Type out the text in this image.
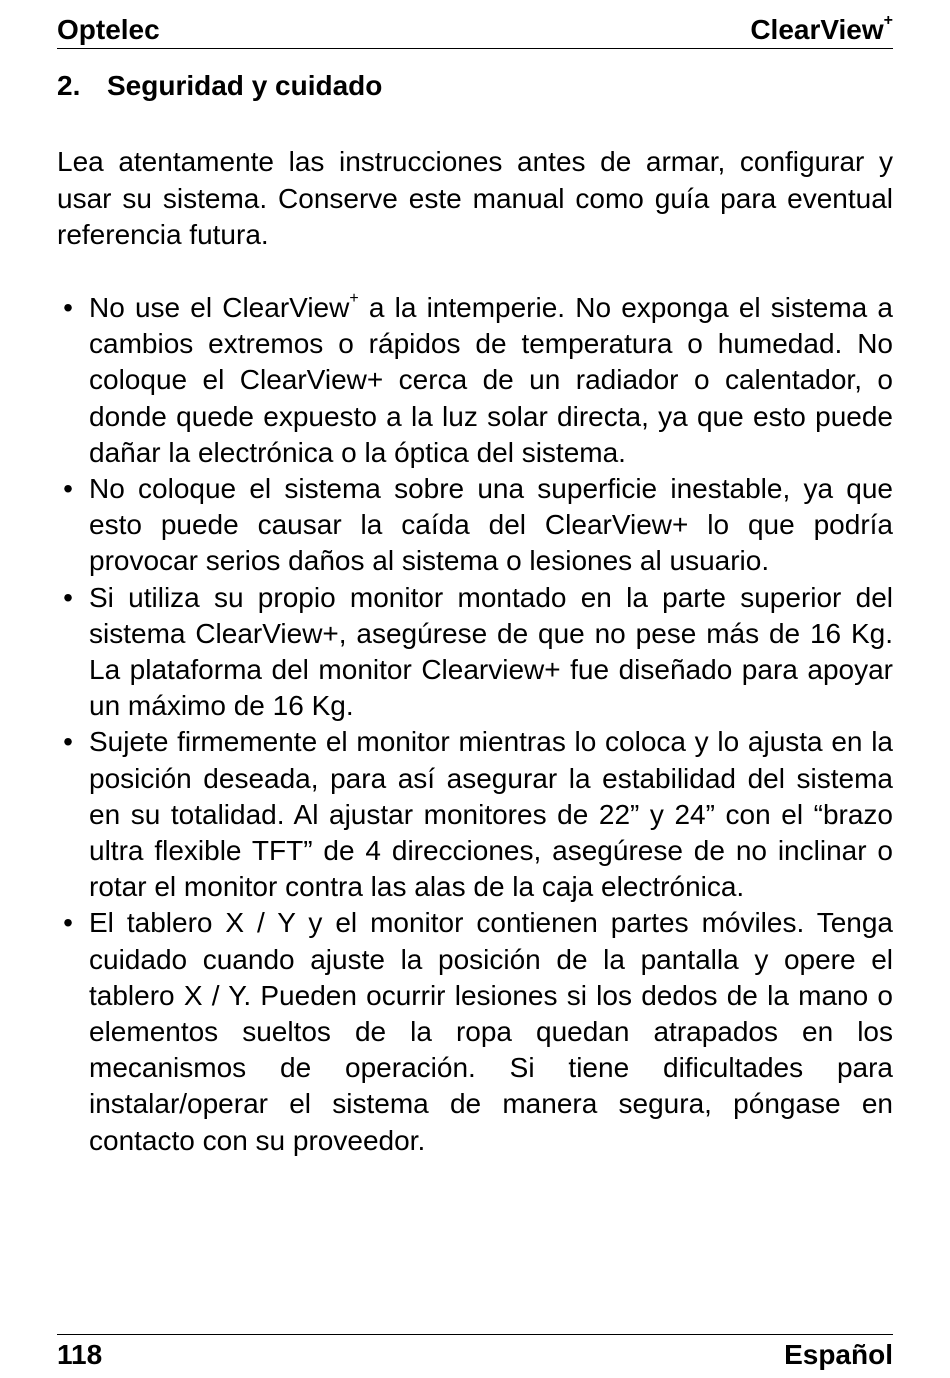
Optelec	ClearView+
2. Seguridad y cuidado

Lea atentamente las instrucciones antes de armar, configurar y usar su sistema. Conserve este manual como guía para eventual referencia futura.

• No use el ClearView+ a la intemperie. No exponga el sistema a cambios extremos o rápidos de temperatura o humedad. No coloque el ClearView+ cerca de un radiador o calentador, o donde quede expuesto a la luz solar directa, ya que esto puede dañar la electrónica o la óptica del sistema.
• No coloque el sistema sobre una superficie inestable, ya que esto puede causar la caída del ClearView+ lo que podría provocar serios daños al sistema o lesiones al usuario.
• Si utiliza su propio monitor montado en la parte superior del sistema ClearView+, asegúrese de que no pese más de 16 Kg. La plataforma del monitor Clearview+ fue diseñado para apoyar un máximo de 16 Kg.
• Sujete firmemente el monitor mientras lo coloca y lo ajusta en la posición deseada, para así asegurar la estabilidad del sistema en su totalidad. Al ajustar monitores de 22” y 24” con el “brazo ultra flexible TFT” de 4 direcciones, asegúrese de no inclinar o rotar el monitor contra las alas de la caja electrónica.
• El tablero X / Y y el monitor contienen partes móviles. Tenga cuidado cuando ajuste la posición de la pantalla y opere el tablero X / Y. Pueden ocurrir lesiones si los dedos de la mano o elementos sueltos de la ropa quedan atrapados en los mecanismos de operación. Si tiene dificultades para instalar/operar el sistema de manera segura, póngase en contacto con su proveedor.
118	Español
